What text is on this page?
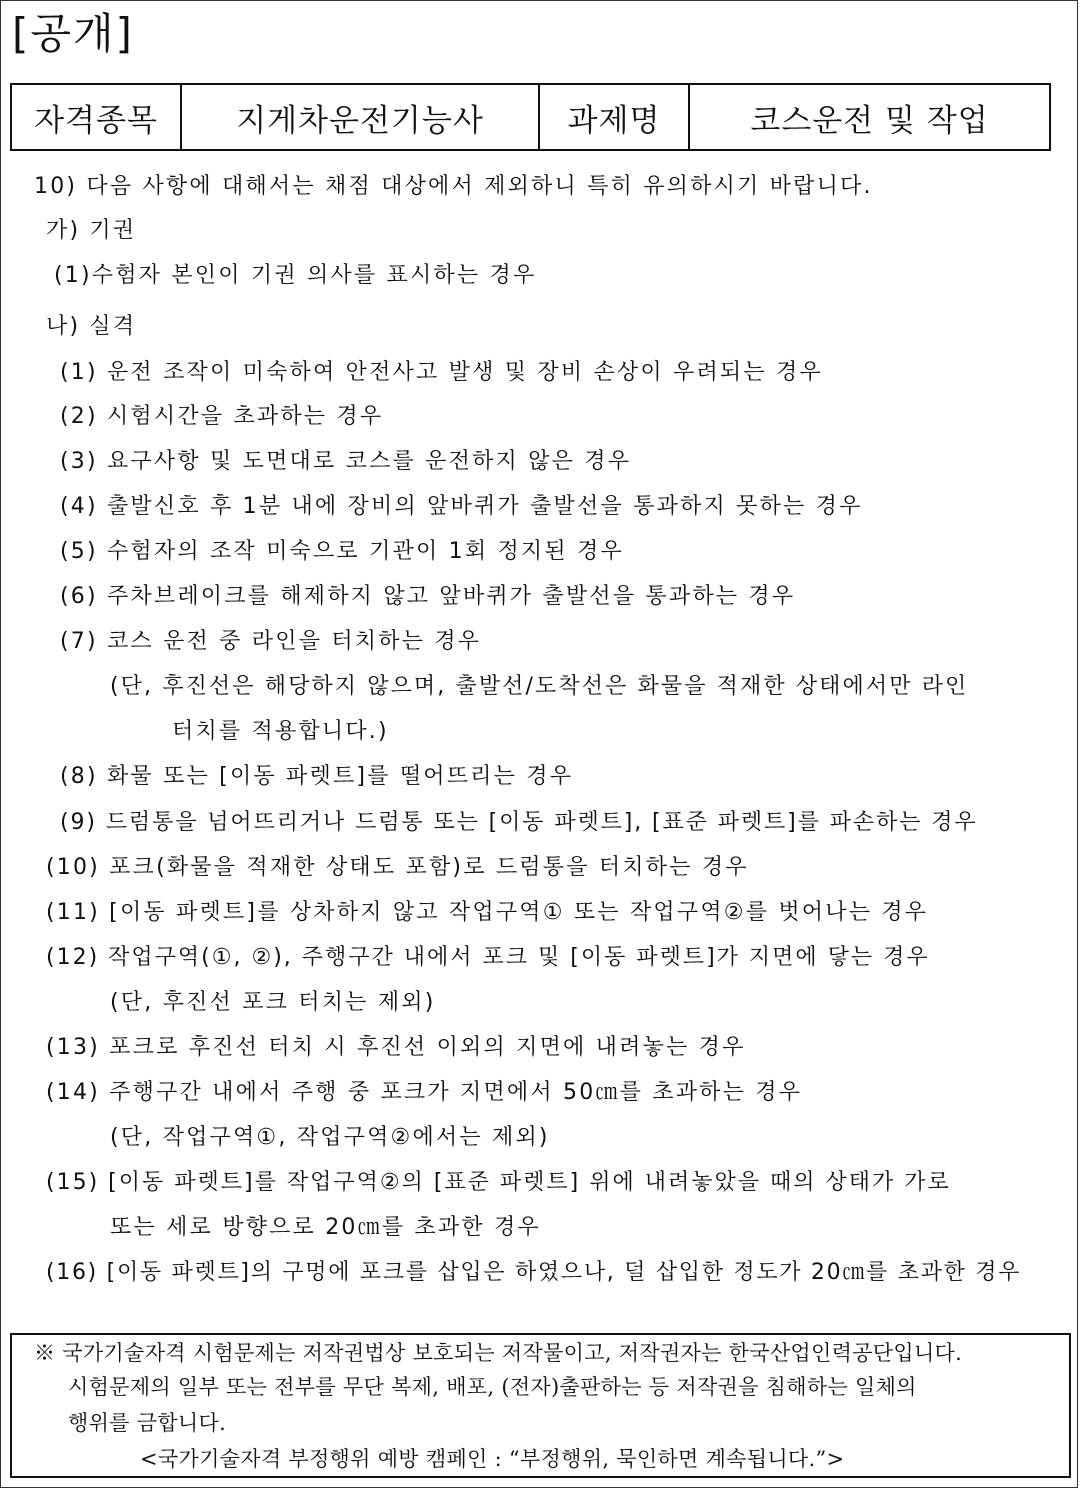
[공개]
자격종목	지게차운전기능사	과제명	코스운전 및 작업
10) 다음 사항에 대해서는 채점 대상에서 제외하니 특히 유의하시기 바랍니다.
가) 기권
(1)수험자 본인이 기권 의사를 표시하는 경우
나) 실격
(1) 운전 조작이 미숙하여 안전사고 발생 및 장비 손상이 우려되는 경우
(2) 시험시간을 초과하는 경우
(3) 요구사항 및 도면대로 코스를 운전하지 않은 경우
(4) 출발신호 후 1분 내에 장비의 앞바퀴가 출발선을 통과하지 못하는 경우
(5) 수험자의 조작 미숙으로 기관이 1회 정지된 경우
(6) 주차브레이크를 해제하지 않고 앞바퀴가 출발선을 통과하는 경우
(7) 코스 운전 중 라인을 터치하는 경우
(단, 후진선은 해당하지 않으며, 출발선/도착선은 화물을 적재한 상태에서만 라인
터치를 적용합니다.)
(8) 화물 또는 [이동 파렛트]를 떨어뜨리는 경우
(9) 드럼통을 넘어뜨리거나 드럼통 또는 [이동 파렛트], [표준 파렛트]를 파손하는 경우
(10) 포크(화물을 적재한 상태도 포함)로 드럼통을 터치하는 경우
(11) [이동 파렛트]를 상차하지 않고 작업구역① 또는 작업구역②를 벗어나는 경우
(12) 작업구역(①, ②), 주행구간 내에서 포크 및 [이동 파렛트]가 지면에 닿는 경우
(단, 후진선 포크 터치는 제외)
(13) 포크로 후진선 터치 시 후진선 이외의 지면에 내려놓는 경우
(14) 주행구간 내에서 주행 중 포크가 지면에서 50㎝를 초과하는 경우
(단, 작업구역①, 작업구역②에서는 제외)
(15) [이동 파렛트]를 작업구역②의 [표준 파렛트] 위에 내려놓았을 때의 상태가 가로
또는 세로 방향으로 20㎝를 초과한 경우
(16) [이동 파렛트]의 구멍에 포크를 삽입은 하였으나, 덜 삽입한 정도가 20㎝를 초과한 경우
※ 국가기술자격 시험문제는 저작권법상 보호되는 저작물이고, 저작권자는 한국산업인력공단입니다.
시험문제의 일부 또는 전부를 무단 복제, 배포, (전자)출판하는 등 저작권을 침해하는 일체의
행위를 금합니다.
<국가기술자격 부정행위 예방 캠페인 : “부정행위, 묵인하면 계속됩니다.”>
